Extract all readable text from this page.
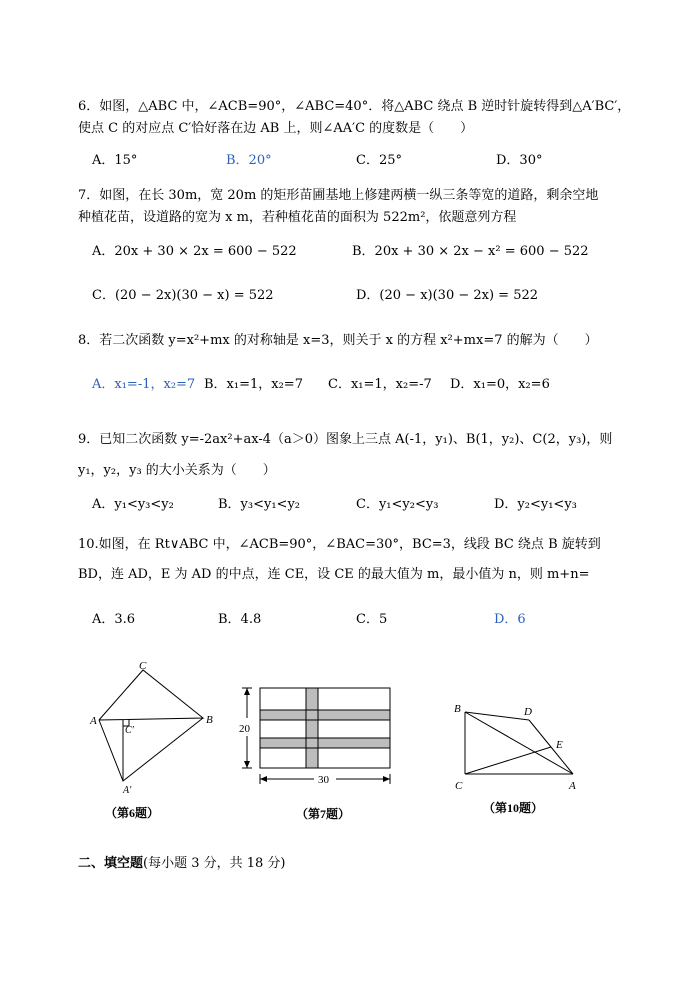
6．如图，△ABC 中，∠ACB=90°，∠ABC=40°．将△ABC 绕点 B 逆时针旋转得到△A′BC′，
使点 C 的对应点 C′恰好落在边 AB 上，则∠AA′C 的度数是（　　）
A．15°	B．20°	C．25°	D．30°
7．如图，在长 30m，宽 20m 的矩形苗圃基地上修建两横一纵三条等宽的道路，剩余空地
种植花苗，设道路的宽为 x m，若种植花苗的面积为 522m²，依题意列方程
A．20x + 30 × 2x = 600 − 522	B．20x + 30 × 2x − x² = 600 − 522
C．(20 − 2x)(30 − x) = 522	D．(20 − x)(30 − 2x) = 522
8．若二次函数 y=x²+mx 的对称轴是 x=3，则关于 x 的方程 x²+mx=7 的解为（　　）
A．x₁=-1，x₂=7 B．x₁=1，x₂=7 C．x₁=1，x₂=-7 D．x₁=0，x₂=6
9．已知二次函数 y=-2ax²+ax-4（a＞0）图象上三点 A(-1，y₁)、B(1，y₂)、C(2，y₃)，则
y₁，y₂，y₃ 的大小关系为（　　）
A．y₁<y₃<y₂	B．y₃<y₁<y₂	C．y₁<y₂<y₃	D．y₂<y₁<y₃
10.如图，在 Rt∨ABC 中，∠ACB=90°，∠BAC=30°，BC=3，线段 BC 绕点 B 旋转到
BD，连 AD，E 为 AD 的中点，连 CE，设 CE 的最大值为 m，最小值为 n，则 m+n=
A．3.6	B．4.8	C．5	D．6
C
A	B
C′
A′
（第6题）
20
30
（第7题）
B	D
E
C	A
（第10题）
二、填空题(每小题 3 分，共 18 分)
